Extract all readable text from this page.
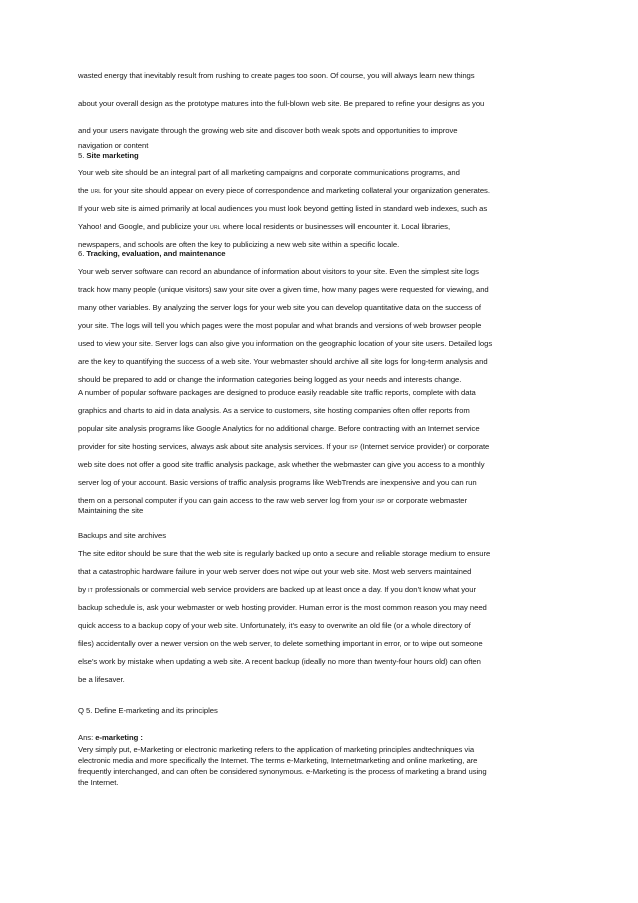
wasted energy that inevitably result from rushing to create pages too soon. Of course, you will always learn new things
about your overall design as the prototype matures into the full-blown web site. Be prepared to refine your designs as you
and your users navigate through the growing web site and discover both weak spots and opportunities to improve
navigation or content
5. Site marketing
Your web site should be an integral part of all marketing campaigns and corporate communications programs, and
the URL for your site should appear on every piece of correspondence and marketing collateral your organization generates.
If your web site is aimed primarily at local audiences you must look beyond getting listed in standard web indexes, such as
Yahoo! and Google, and publicize your URL where local residents or businesses will encounter it. Local libraries,
newspapers, and schools are often the key to publicizing a new web site within a specific locale.
6. Tracking, evaluation, and maintenance
Your web server software can record an abundance of information about visitors to your site. Even the simplest site logs
track how many people (unique visitors) saw your site over a given time, how many pages were requested for viewing, and
many other variables. By analyzing the server logs for your web site you can develop quantitative data on the success of
your site. The logs will tell you which pages were the most popular and what brands and versions of web browser people
used to view your site. Server logs can also give you information on the geographic location of your site users. Detailed logs
are the key to quantifying the success of a web site. Your webmaster should archive all site logs for long-term analysis and
should be prepared to add or change the information categories being logged as your needs and interests change.
A number of popular software packages are designed to produce easily readable site traffic reports, complete with data
graphics and charts to aid in data analysis. As a service to customers, site hosting companies often offer reports from
popular site analysis programs like Google Analytics for no additional charge. Before contracting with an Internet service
provider for site hosting services, always ask about site analysis services. If your ISP (Internet service provider) or corporate
web site does not offer a good site traffic analysis package, ask whether the webmaster can give you access to a monthly
server log of your account. Basic versions of traffic analysis programs like WebTrends are inexpensive and you can run
them on a personal computer if you can gain access to the raw web server log from your ISP or corporate webmaster
Maintaining the site
Backups and site archives
The site editor should be sure that the web site is regularly backed up onto a secure and reliable storage medium to ensure
that a catastrophic hardware failure in your web server does not wipe out your web site. Most web servers maintained
by IT professionals or commercial web service providers are backed up at least once a day. If you don’t know what your
backup schedule is, ask your webmaster or web hosting provider. Human error is the most common reason you may need
quick access to a backup copy of your web site. Unfortunately, it’s easy to overwrite an old file (or a whole directory of
files) accidentally over a newer version on the web server, to delete something important in error, or to wipe out someone
else’s work by mistake when updating a web site. A recent backup (ideally no more than twenty-four hours old) can often
be a lifesaver.
Q 5. Define E-marketing and its principles
Ans: e-marketing :
Very simply put, e-Marketing or electronic marketing refers to the application of marketing principles andtechniques via
electronic media and more specifically the Internet. The terms e-Marketing, Internetmarketing and online marketing, are
frequently interchanged, and can often be considered synonymous. e-Marketing is the process of marketing a brand using
the Internet.
